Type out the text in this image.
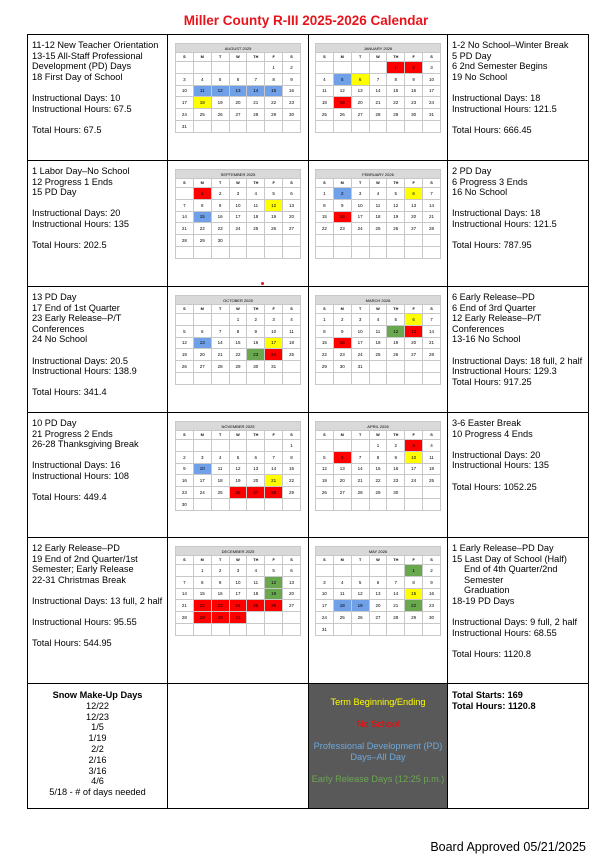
Miller County R-III 2025-2026 Calendar
11-12 New Teacher Orientation
13-15 All-Staff Professional Development (PD) Days
18 First Day of School
Instructional Days: 10
Instructional Hours: 67.5
Total Hours: 67.5

AUGUST 2025
S	M	T	W	TH	F	S
					1	2
3	4	5	6	7	8	9
10	11	12	13	14	15	16
17	18	19	20	21	22	23
24	25	26	27	28	29	30
31						

JANUARY 2026
S	M	T	W	TH	F	S
				1	2	3
4	5	6	7	8	9	10
11	12	13	14	15	16	17
18	19	20	21	22	23	24
25	26	27	28	29	30	31

1-2 No School–Winter Break
5 PD Day
6 2nd Semester Begins
19 No School
Instructional Days: 18
Instructional Hours: 121.5
Total Hours: 666.45

1 Labor Day–No School
12 Progress 1 Ends
15 PD Day
Instructional Days: 20
Instructional Hours: 135
Total Hours: 202.5

SEPTEMBER 2025
S	M	T	W	TH	F	S
	1	2	3	4	5	6
7	8	9	10	11	12	13
14	15	16	17	18	19	20
21	22	23	24	25	26	27
28	29	30				

FEBRUARY 2026
S	M	T	W	TH	F	S
1	2	3	4	5	6	7
8	9	10	11	12	13	14
15	16	17	18	19	20	21
22	23	24	25	26	27	28

2 PD Day
6 Progress 3 Ends
16 No School
Instructional Days: 18
Instructional Hours: 121.5
Total Hours: 787.95

13 PD Day
17 End of 1st Quarter
23 Early Release–P/T Conferences
24 No School
Instructional Days: 20.5
Instructional Hours: 138.9
Total Hours: 341.4

OCTOBER 2025
S	M	T	W	TH	F	S
			1	2	3	4
5	6	7	8	9	10	11
12	13	14	15	16	17	18
19	20	21	22	23	24	25
26	27	28	29	30	31	

MARCH 2026
S	M	T	W	TH	F	S
1	2	3	4	5	6	7
8	9	10	11	12	13	14
15	16	17	18	19	20	21
22	23	24	25	26	27	28
29	30	31				

6 Early Release–PD
6 End of 3rd Quarter
12 Early Release–P/T Conferences
13-16 No School
Instructional Days: 18 full, 2 half
Instructional Hours: 129.3
Total Hours: 917.25

10 PD Day
21 Progress 2 Ends
26-28 Thanksgiving Break
Instructional Days: 16
Instructional Hours: 108
Total Hours: 449.4

NOVEMBER 2025
S	M	T	W	TH	F	S
						1
2	3	4	5	6	7	8
9	10	11	12	13	14	15
16	17	18	19	20	21	22
23	24	25	26	27	28	29
30						

APRIL 2026
S	M	T	W	TH	F	S
			1	2	3	4
5	6	7	8	9	10	11
12	13	14	15	16	17	18
19	20	21	22	23	24	25
26	27	28	29	30		

3-6 Easter Break
10 Progress 4 Ends
Instructional Days: 20
Instructional Hours: 135
Total Hours: 1052.25

12 Early Release–PD
19 End of 2nd Quarter/1st Semester; Early Release
22-31 Christmas Break
Instructional Days: 13 full, 2 half
Instructional Hours: 95.55
Total Hours: 544.95

DECEMBER 2025
S	M	T	W	TH	F	S
	1	2	3	4	5	6
7	8	9	10	11	12	13
14	15	16	17	18	19	20
21	22	23	24	25	26	27
28	29	30	31			

MAY 2026
S	M	T	W	TH	F	S
					1	2
3	4	5	6	7	8	9
10	11	12	13	14	15	16
17	18	19	20	21	22	23
24	25	26	27	28	29	30
31						

1 Early Release–PD Day
15 Last Day of School (Half)
End of 4th Quarter/2nd
Semester
Graduation
18-19 PD Days
Instructional Days: 9 full, 2 half
Instructional Hours: 68.55
Total Hours: 1120.8

Snow Make-Up Days
12/22
12/23
1/5
1/19
2/2
2/16
3/16
4/6
5/18 - # of days needed

Term Beginning/Ending
No School
Professional Development (PD) Days–All Day
Early Release Days (12:25 p.m.)

Total Starts: 169
Total Hours: 1120.8
Board Approved 05/21/2025
